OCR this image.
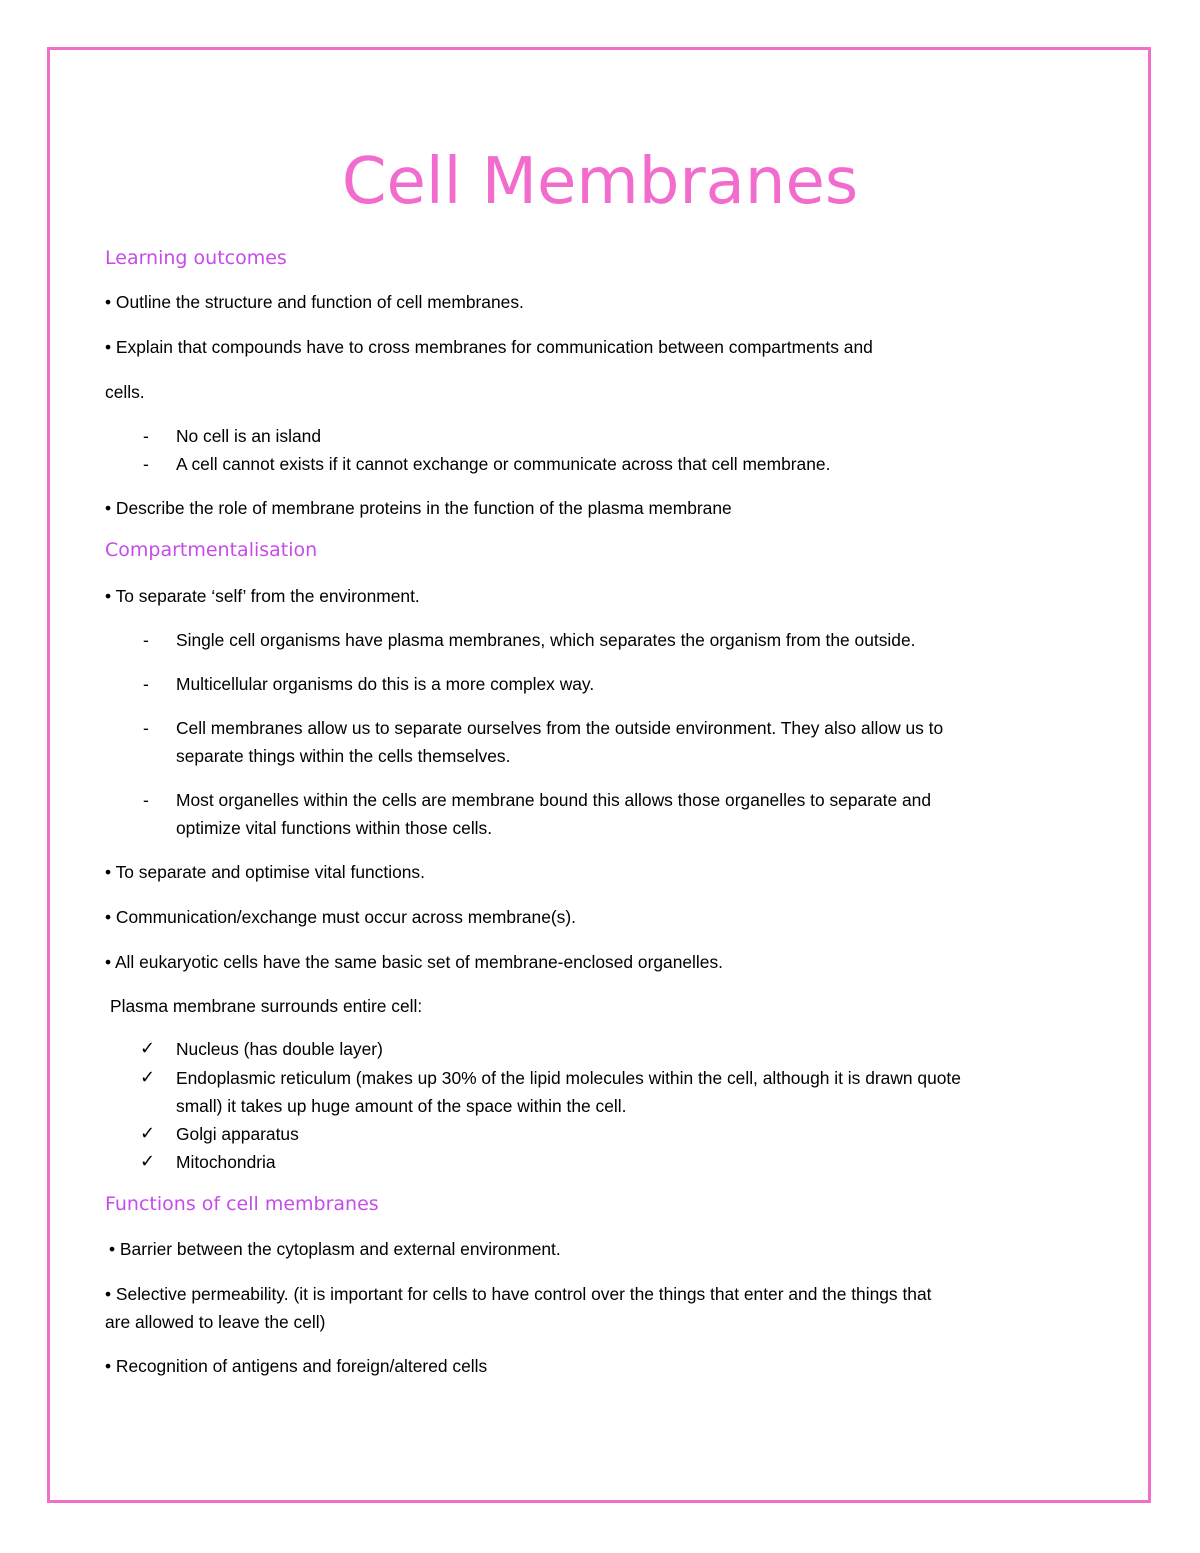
Cell Membranes
Learning outcomes

• Outline the structure and function of cell membranes.

• Explain that compounds have to cross membranes for communication between compartments and

cells.

- No cell is an island

- A cell cannot exists if it cannot exchange or communicate across that cell membrane.

• Describe the role of membrane proteins in the function of the plasma membrane

Compartmentalisation

• To separate ‘self’ from the environment.

- Single cell organisms have plasma membranes, which separates the organism from the outside.

- Multicellular organisms do this is a more complex way.

- Cell membranes allow us to separate ourselves from the outside environment. They also allow us to

separate things within the cells themselves.

- Most organelles within the cells are membrane bound this allows those organelles to separate and

optimize vital functions within those cells.

• To separate and optimise vital functions.

• Communication/exchange must occur across membrane(s).

• All eukaryotic cells have the same basic set of membrane-enclosed organelles.

Plasma membrane surrounds entire cell:

✓ Nucleus (has double layer)

✓ Endoplasmic reticulum (makes up 30% of the lipid molecules within the cell, although it is drawn quote

small) it takes up huge amount of the space within the cell.

✓ Golgi apparatus

✓ Mitochondria

Functions of cell membranes

• Barrier between the cytoplasm and external environment.

• Selective permeability. (it is important for cells to have control over the things that enter and the things that

are allowed to leave the cell)

• Recognition of antigens and foreign/altered cells
